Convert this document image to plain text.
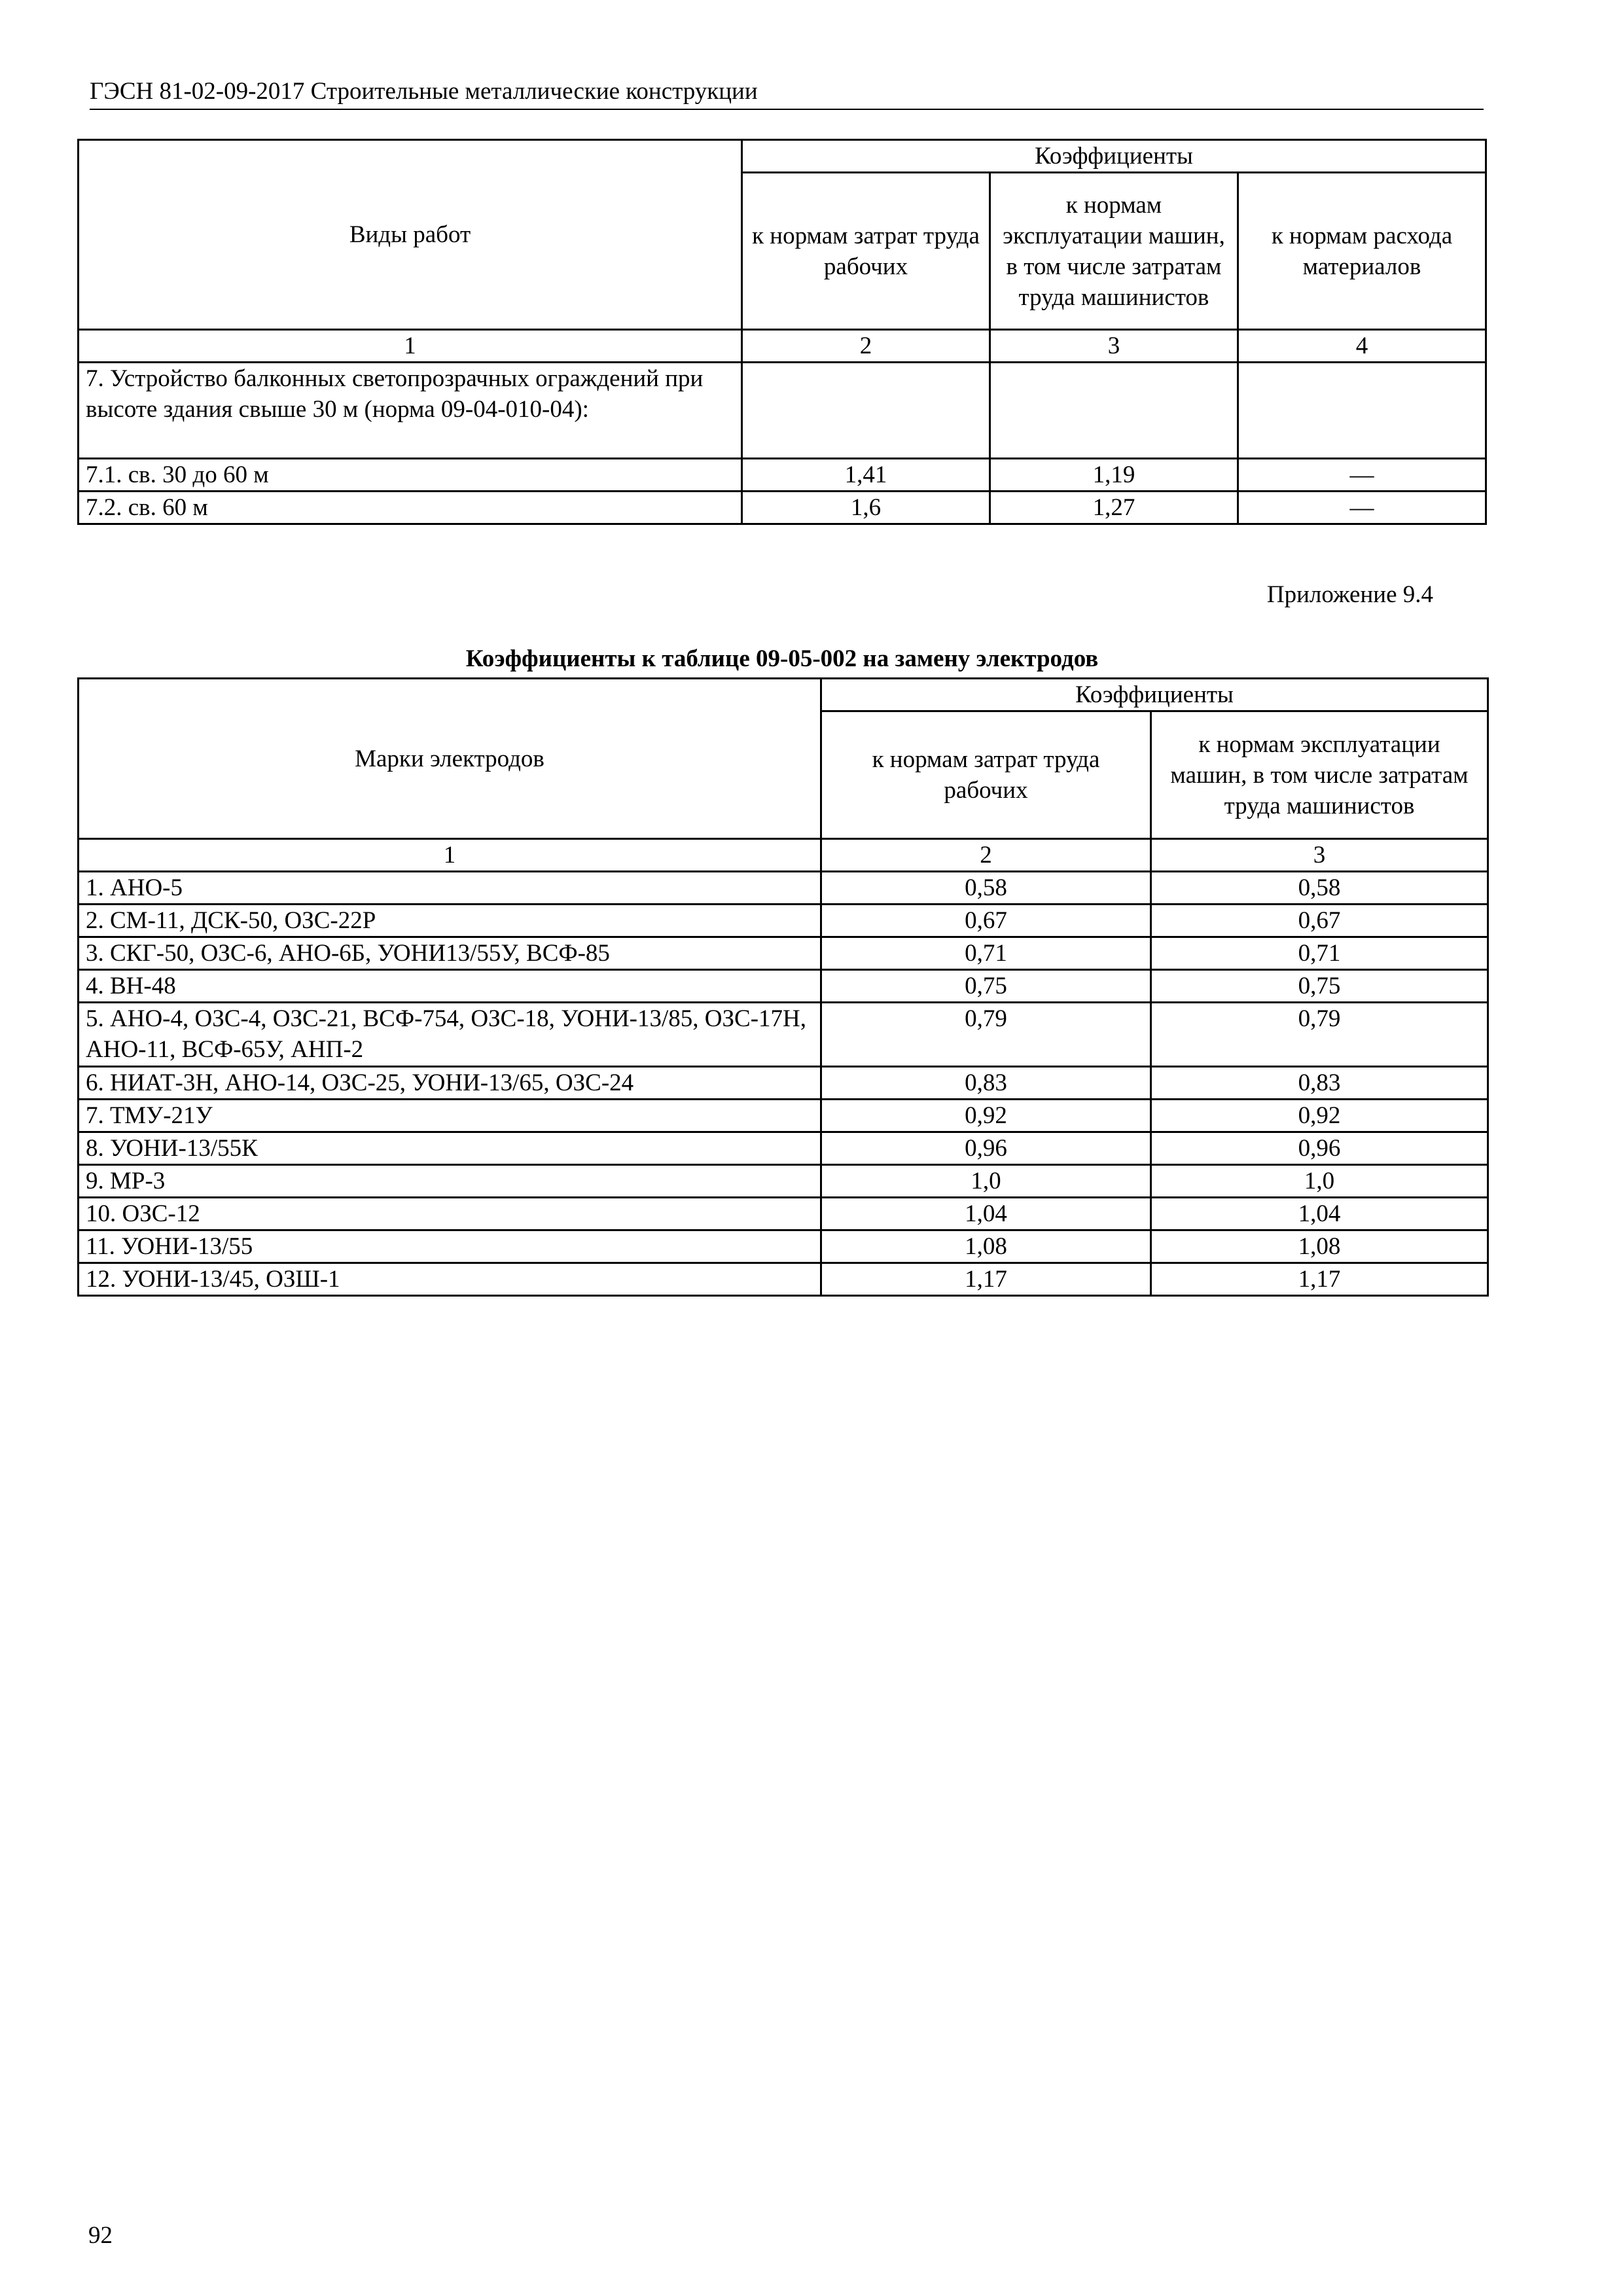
ГЭСН 81-02-09-2017 Строительные металлические конструкции
Виды работ	Коэффициенты		
	к нормам затрат труда рабочих	к нормам эксплуатации машин, в том числе затратам труда машинистов	к нормам расхода материалов
1	2	3	4
7. Устройство балконных светопрозрачных ограждений при высоте здания свыше 30 м (норма 09-04-010-04):			
7.1. св. 30 до 60 м	1,41	1,19	—
7.2. св. 60 м	1,6	1,27	—
Приложение 9.4
Коэффициенты к таблице 09-05-002 на замену электродов
Марки электродов	Коэффициенты	
	к нормам затрат труда рабочих	к нормам эксплуатации машин, в том числе затратам труда машинистов
1	2	3
1. АНО-5	0,58	0,58
2. СМ-11, ДСК-50, ОЗС-22Р	0,67	0,67
3. СКГ-50, ОЗС-6, АНО-6Б, УОНИ13/55У, ВСФ-85	0,71	0,71
4. ВН-48	0,75	0,75
5. АНО-4, ОЗС-4, ОЗС-21, ВСФ-754, ОЗС-18, УОНИ-13/85, ОЗС-17Н, АНО-11, ВСФ-65У, АНП-2	0,79	0,79
6. НИАТ-3Н, АНО-14, ОЗС-25, УОНИ-13/65, ОЗС-24	0,83	0,83
7. ТМУ-21У	0,92	0,92
8. УОНИ-13/55К	0,96	0,96
9. МР-3	1,0	1,0
10. ОЗС-12	1,04	1,04
11. УОНИ-13/55	1,08	1,08
12. УОНИ-13/45, ОЗШ-1	1,17	1,17
92
